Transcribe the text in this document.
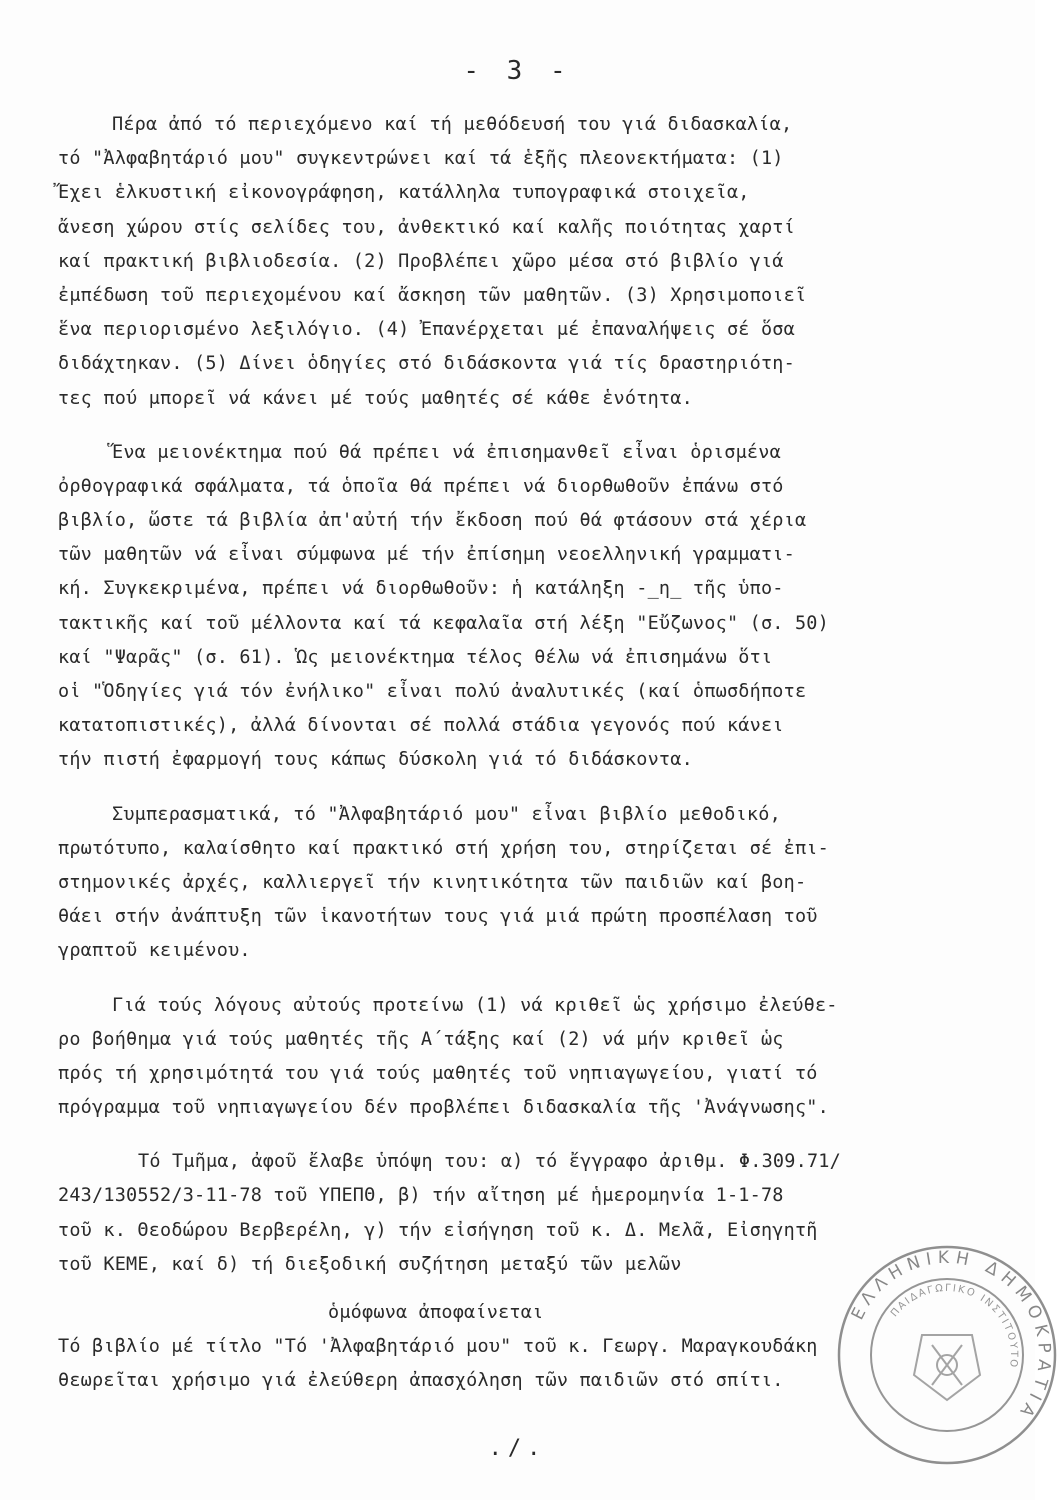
- 3 -
Πέρα ἀπό τό περιεχόμενο καί τή μεθόδευσή του γιά διδασκαλία,
τό "Ἀλφαβητάριό μου" συγκεντρώνει καί τά ἑξῆς πλεονεκτήματα: (1)
Ἔχει ἑλκυστική εἰκονογράφηση, κατάλληλα τυπογραφικά στοιχεῖα,
ἄνεση χώρου στίς σελίδες του, ἀνθεκτικό καί καλῆς ποιότητας χαρτί
καί πρακτική βιβλιοδεσία. (2) Προβλέπει χῶρο μέσα στό βιβλίο γιά
ἐμπέδωση τοῦ περιεχομένου καί ἄσκηση τῶν μαθητῶν. (3) Χρησιμοποιεῖ
ἕνα περιορισμένο λεξιλόγιο. (4) Ἐπανέρχεται μέ ἐπαναλήψεις σέ ὅσα
διδάχτηκαν. (5) Δίνει ὁδηγίες στό διδάσκοντα γιά τίς δραστηριότη-
τες πού μπορεῖ νά κάνει μέ τούς μαθητές σέ κάθε ἑνότητα.
Ἕνα μειονέκτημα πού θά πρέπει νά ἐπισημανθεῖ εἶναι ὁρισμένα
ὀρθογραφικά σφάλματα, τά ὁποῖα θά πρέπει νά διορθωθοῦν ἐπάνω στό
βιβλίο, ὥστε τά βιβλία ἀπ'αὐτή τήν ἔκδοση πού θά φτάσουν στά χέρια
τῶν μαθητῶν νά εἶναι σύμφωνα μέ τήν ἐπίσημη νεοελληνική γραμματι-
κή. Συγκεκριμένα, πρέπει νά διορθωθοῦν: ἡ κατάληξη -_η_ τῆς ὑπο-
τακτικῆς καί τοῦ μέλλοντα καί τά κεφαλαῖα στή λέξη "Εὔζωνος" (σ. 50)
καί "Ψαρᾶς" (σ. 61). Ὡς μειονέκτημα τέλος θέλω νά ἐπισημάνω ὅτι
οἱ "Ὁδηγίες γιά τόν ἐνήλικο" εἶναι πολύ ἀναλυτικές (καί ὁπωσδήποτε
κατατοπιστικές), ἀλλά δίνονται σέ πολλά στάδια γεγονός πού κάνει
τήν πιστή ἐφαρμογή τους κάπως δύσκολη γιά τό διδάσκοντα.
Συμπερασματικά, τό "Ἀλφαβητάριό μου" εἶναι βιβλίο μεθοδικό,
πρωτότυπο, καλαίσθητο καί πρακτικό στή χρήση του, στηρίζεται σέ ἐπι-
στημονικές ἀρχές, καλλιεργεῖ τήν κινητικότητα τῶν παιδιῶν καί βοη-
θάει στήν ἀνάπτυξη τῶν ἱκανοτήτων τους γιά μιά πρώτη προσπέλαση τοῦ
γραπτοῦ κειμένου.
Γιά τούς λόγους αὐτούς προτείνω (1) νά κριθεῖ ὡς χρήσιμο ἐλεύθε-
ρο βοήθημα γιά τούς μαθητές τῆς Α΄τάξης καί (2) νά μήν κριθεῖ ὡς
πρός τή χρησιμότητά του γιά τούς μαθητές τοῦ νηπιαγωγείου, γιατί τό
πρόγραμμα τοῦ νηπιαγωγείου δέν προβλέπει διδασκαλία τῆς 'Ἀνάγνωσης".
Τό Τμῆμα, ἀφοῦ ἔλαβε ὑπόψη του: α) τό ἔγγραφο ἀριθμ. Φ.309.71/
243/130552/3-11-78 τοῦ ΥΠΕΠΘ, β) τήν αἴτηση μέ ἡμερομηνία 1-1-78
τοῦ κ. Θεοδώρου Βερβερέλη, γ) τήν εἰσήγηση τοῦ κ. Δ. Μελᾶ, Εἰσηγητῆ
τοῦ ΚΕΜΕ, καί δ) τή διεξοδική συζήτηση μεταξύ τῶν μελῶν
ὁμόφωνα ἀποφαίνεται
Τό βιβλίο μέ τίτλο "Τό 'Ἀλφαβητάριό μου" τοῦ κ. Γεωργ. Μαραγκουδάκη
θεωρεῖται χρήσιμο γιά ἐλεύθερη ἀπασχόληση τῶν παιδιῶν στό σπίτι.
ΕΛΛΗΝΙΚΗ ΔΗΜΟΚΡΑΤΙΑ
ΠΑΙΔΑΓΩΓΙΚΟ ΙΝΣΤΙΤΟΥΤΟ
./.
